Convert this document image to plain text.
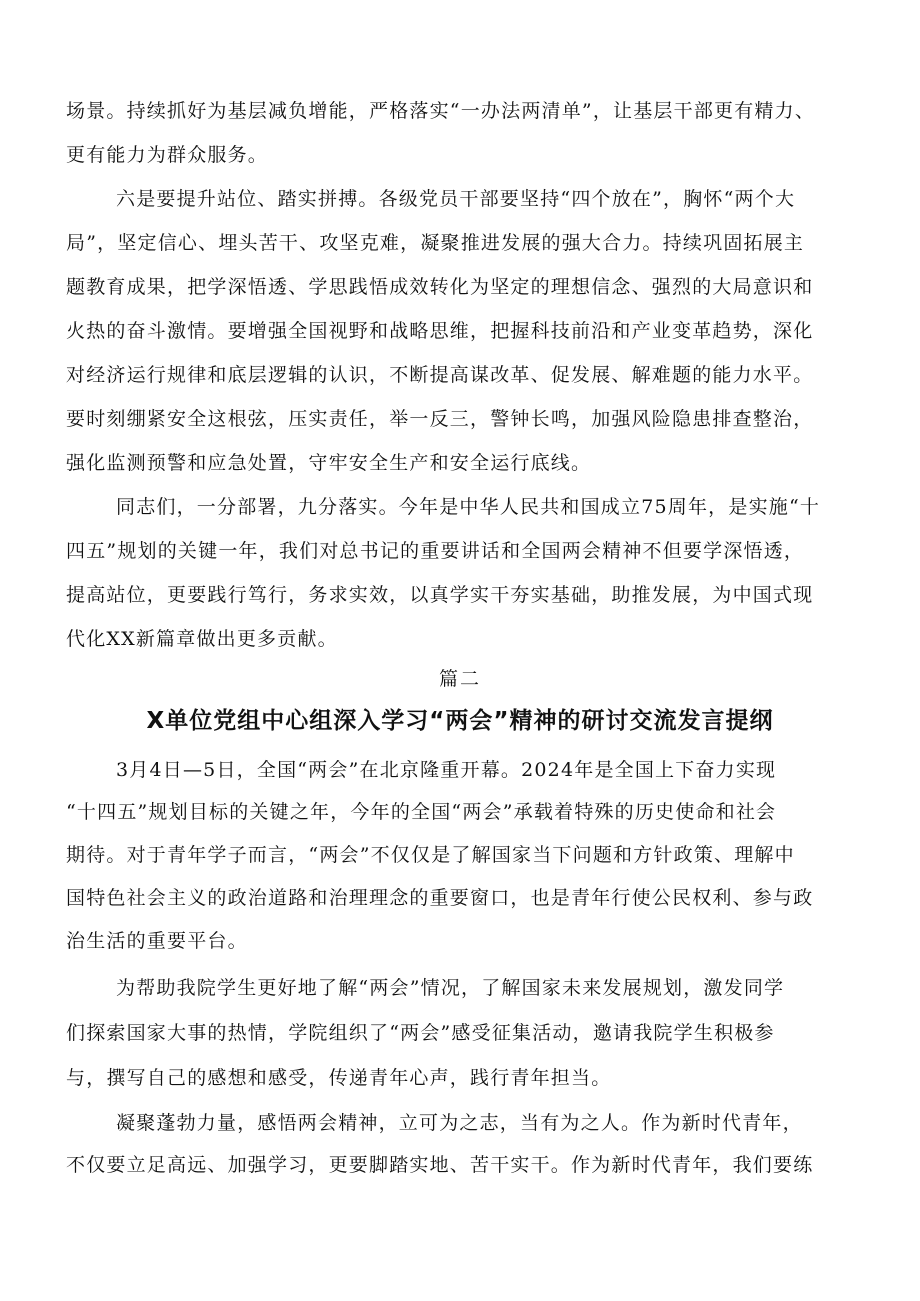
场景。持续抓好为基层减负增能，严格落实“一办法两清单”，让基层干部更有精力、
更有能力为群众服务。
六是要提升站位、踏实拼搏。各级党员干部要坚持“四个放在”，胸怀“两个大
局”，坚定信心、埋头苦干、攻坚克难，凝聚推进发展的强大合力。持续巩固拓展主
题教育成果，把学深悟透、学思践悟成效转化为坚定的理想信念、强烈的大局意识和
火热的奋斗激情。要增强全国视野和战略思维，把握科技前沿和产业变革趋势，深化
对经济运行规律和底层逻辑的认识，不断提高谋改革、促发展、解难题的能力水平。
要时刻绷紧安全这根弦，压实责任，举一反三，警钟长鸣，加强风险隐患排查整治，
强化监测预警和应急处置，守牢安全生产和安全运行底线。
同志们，一分部署，九分落实。今年是中华人民共和国成立75周年，是实施“十
四五”规划的关键一年，我们对总书记的重要讲话和全国两会精神不但要学深悟透，
提高站位，更要践行笃行，务求实效，以真学实干夯实基础，助推发展，为中国式现
代化XX新篇章做出更多贡献。
篇二
X单位党组中心组深入学习“两会”精神的研讨交流发言提纲
3月4日—5日，全国“两会”在北京隆重开幕。2024年是全国上下奋力实现
“十四五”规划目标的关键之年，今年的全国“两会”承载着特殊的历史使命和社会
期待。对于青年学子而言，“两会”不仅仅是了解国家当下问题和方针政策、理解中
国特色社会主义的政治道路和治理理念的重要窗口，也是青年行使公民权利、参与政
治生活的重要平台。
为帮助我院学生更好地了解“两会”情况，了解国家未来发展规划，激发同学
们探索国家大事的热情，学院组织了“两会”感受征集活动，邀请我院学生积极参
与，撰写自己的感想和感受，传递青年心声，践行青年担当。
凝聚蓬勃力量，感悟两会精神，立可为之志，当有为之人。作为新时代青年，
不仅要立足高远、加强学习，更要脚踏实地、苦干实干。作为新时代青年，我们要练
